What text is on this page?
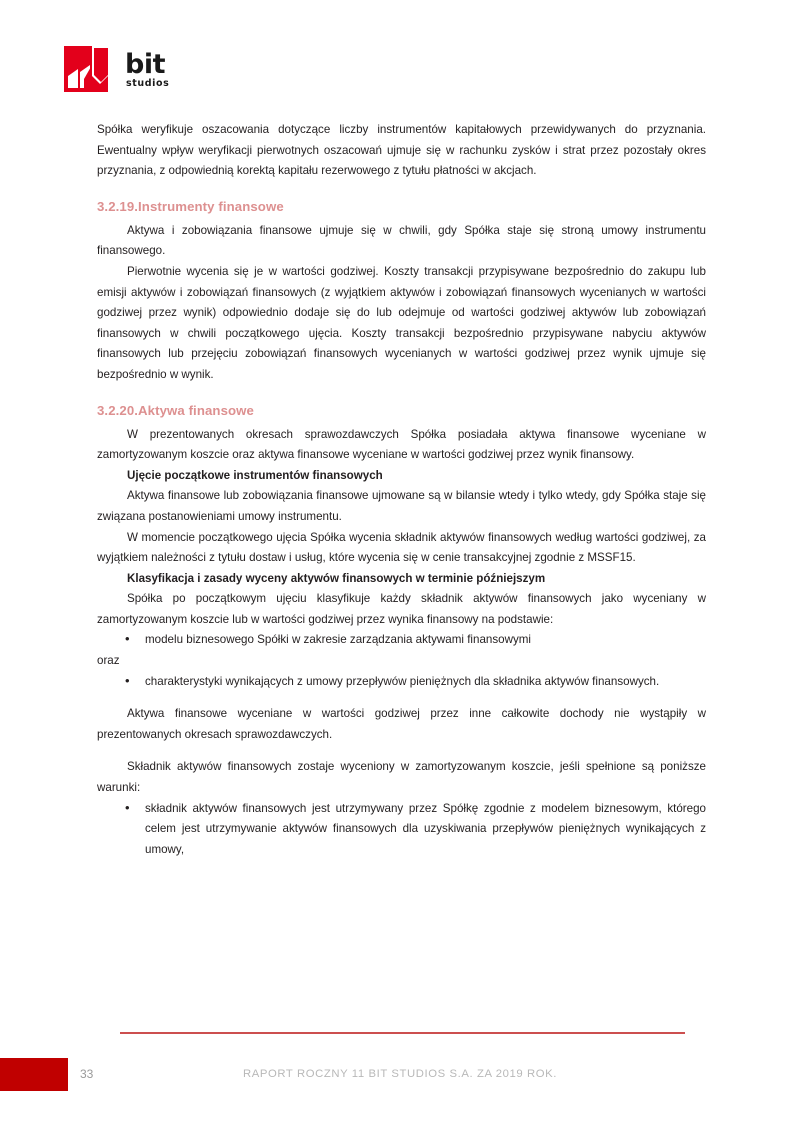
bit
studios

Spółka weryfikuje oszacowania dotyczące liczby instrumentów kapitałowych przewidywanych do przyznania. Ewentualny wpływ weryfikacji pierwotnych oszacowań ujmuje się w rachunku zysków i strat przez pozostały okres przyznania, z odpowiednią korektą kapitału rezerwowego z tytułu płatności w akcjach.

3.2.19.Instrumenty finansowe

Aktywa i zobowiązania finansowe ujmuje się w chwili, gdy Spółka staje się stroną umowy instrumentu finansowego.

Pierwotnie wycenia się je w wartości godziwej. Koszty transakcji przypisywane bezpośrednio do zakupu lub emisji aktywów i zobowiązań finansowych (z wyjątkiem aktywów i zobowiązań finansowych wycenianych w wartości godziwej przez wynik) odpowiednio dodaje się do lub odejmuje od wartości godziwej aktywów lub zobowiązań finansowych w chwili początkowego ujęcia. Koszty transakcji bezpośrednio przypisywane nabyciu aktywów finansowych lub przejęciu zobowiązań finansowych wycenianych w wartości godziwej przez wynik ujmuje się bezpośrednio w wynik.

3.2.20.Aktywa finansowe

W prezentowanych okresach sprawozdawczych Spółka posiadała aktywa finansowe wyceniane w zamortyzowanym koszcie oraz aktywa finansowe wyceniane w wartości godziwej przez wynik finansowy.

Ujęcie początkowe instrumentów finansowych

Aktywa finansowe lub zobowiązania finansowe ujmowane są w bilansie wtedy i tylko wtedy, gdy Spółka staje się związana postanowieniami umowy instrumentu.

W momencie początkowego ujęcia Spółka wycenia składnik aktywów finansowych według wartości godziwej, za wyjątkiem należności z tytułu dostaw i usług, które wycenia się w cenie transakcyjnej zgodnie z MSSF15.

Klasyfikacja i zasady wyceny aktywów finansowych w terminie późniejszym

Spółka po początkowym ujęciu klasyfikuje każdy składnik aktywów finansowych jako wyceniany w zamortyzowanym koszcie lub w wartości godziwej przez wynika finansowy na podstawie:

• modelu biznesowego Spółki w zakresie zarządzania aktywami finansowymi

oraz

• charakterystyki wynikających z umowy przepływów pieniężnych dla składnika aktywów finansowych.

Aktywa finansowe wyceniane w wartości godziwej przez inne całkowite dochody nie wystąpiły w prezentowanych okresach sprawozdawczych.

Składnik aktywów finansowych zostaje wyceniony w zamortyzowanym koszcie, jeśli spełnione są poniższe warunki:

• składnik aktywów finansowych jest utrzymywany przez Spółkę zgodnie z modelem biznesowym, którego celem jest utrzymywanie aktywów finansowych dla uzyskiwania przepływów pieniężnych wynikających z umowy,
33	RAPORT ROCZNY 11 BIT STUDIOS S.A. ZA 2019 ROK.
